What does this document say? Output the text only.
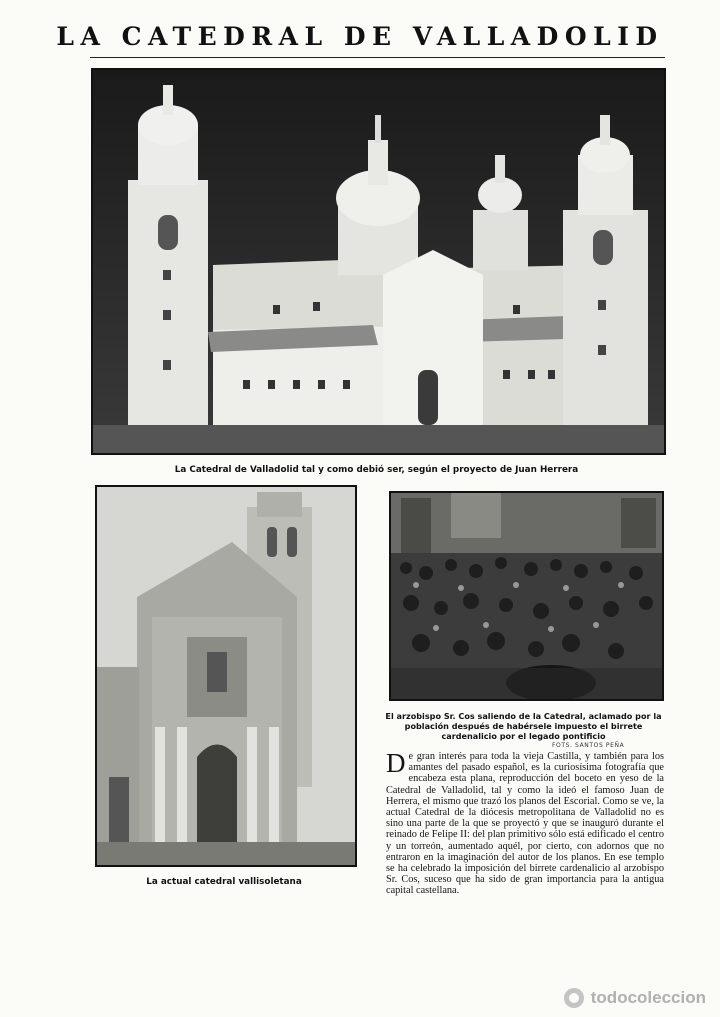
LA CATEDRAL DE VALLADOLID
La Catedral de Valladolid tal y como debió ser, según el proyecto de Juan Herrera
La actual catedral vallisoletana
El arzobispo Sr. Cos saliendo de la Catedral, aclamado por la población después de habérsele impuesto el birrete cardenalicio por el legado pontificio
FOTS. SANTOS PEÑA
De gran interés para toda la vieja Castilla, y también para los amantes del pasado español, es la curiosísima fotografía que encabeza esta plana, reproducción del boceto en yeso de la Catedral de Valladolid, tal y como la ideó el famoso Juan de Herrera, el mismo que trazó los planos del Escorial. Como se ve, la actual Catedral de la diócesis metropolitana de Valladolid no es sino una parte de la que se proyectó y que se inauguró durante el reinado de Felipe II: del plan primitivo sólo está edificado el centro y un torreón, aumentado aquél, por cierto, con adornos que no entraron en la imaginación del autor de los planos. En ese templo se ha celebrado la imposición del birrete cardenalicio al arzobispo Sr. Cos, suceso que ha sido de gran importancia para la antigua capital castellana.
todocoleccion
